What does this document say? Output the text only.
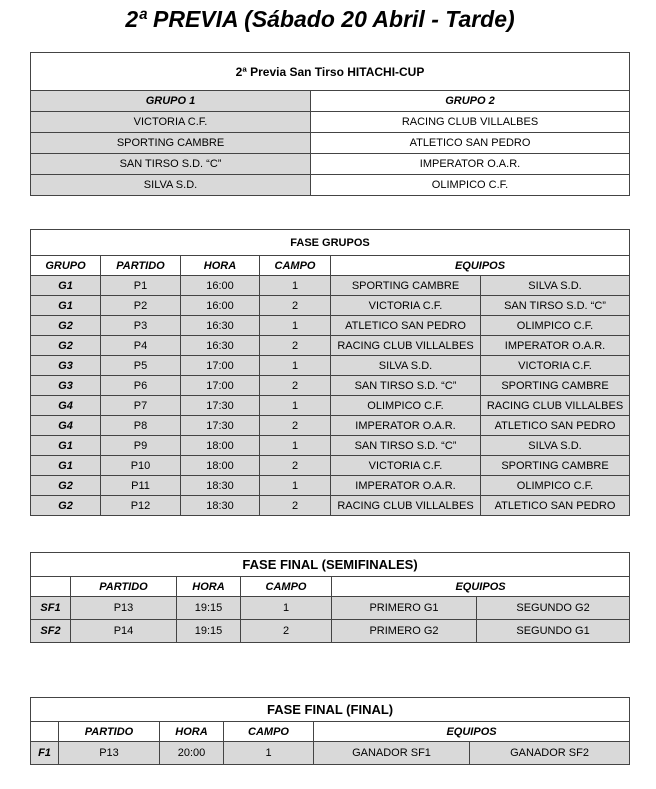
2ª PREVIA (Sábado 20 Abril - Tarde)
2ª Previa San Tirso HITACHI-CUP	
GRUPO 1	GRUPO 2
VICTORIA C.F.	RACING CLUB VILLALBES
SPORTING CAMBRE	ATLETICO SAN PEDRO
SAN TIRSO S.D. “C”	IMPERATOR O.A.R.
SILVA S.D.	OLIMPICO C.F.
FASE GRUPOS					
GRUPO	PARTIDO	HORA	CAMPO	EQUIPOS	
G1	P1	16:00	1	SPORTING CAMBRE	SILVA S.D.
G1	P2	16:00	2	VICTORIA C.F.	SAN TIRSO S.D. “C”
G2	P3	16:30	1	ATLETICO SAN PEDRO	OLIMPICO C.F.
G2	P4	16:30	2	RACING CLUB VILLALBES	IMPERATOR O.A.R.
G3	P5	17:00	1	SILVA S.D.	VICTORIA C.F.
G3	P6	17:00	2	SAN TIRSO S.D. “C”	SPORTING CAMBRE
G4	P7	17:30	1	OLIMPICO C.F.	RACING CLUB VILLALBES
G4	P8	17:30	2	IMPERATOR O.A.R.	ATLETICO SAN PEDRO
G1	P9	18:00	1	SAN TIRSO S.D. “C”	SILVA S.D.
G1	P10	18:00	2	VICTORIA C.F.	SPORTING CAMBRE
G2	P11	18:30	1	IMPERATOR O.A.R.	OLIMPICO C.F.
G2	P12	18:30	2	RACING CLUB VILLALBES	ATLETICO SAN PEDRO
FASE FINAL (SEMIFINALES)					
	PARTIDO	HORA	CAMPO	EQUIPOS	
SF1	P13	19:15	1	PRIMERO G1	SEGUNDO G2
SF2	P14	19:15	2	PRIMERO G2	SEGUNDO G1
FASE FINAL (FINAL)					
	PARTIDO	HORA	CAMPO	EQUIPOS	
F1	P13	20:00	1	GANADOR SF1	GANADOR SF2
